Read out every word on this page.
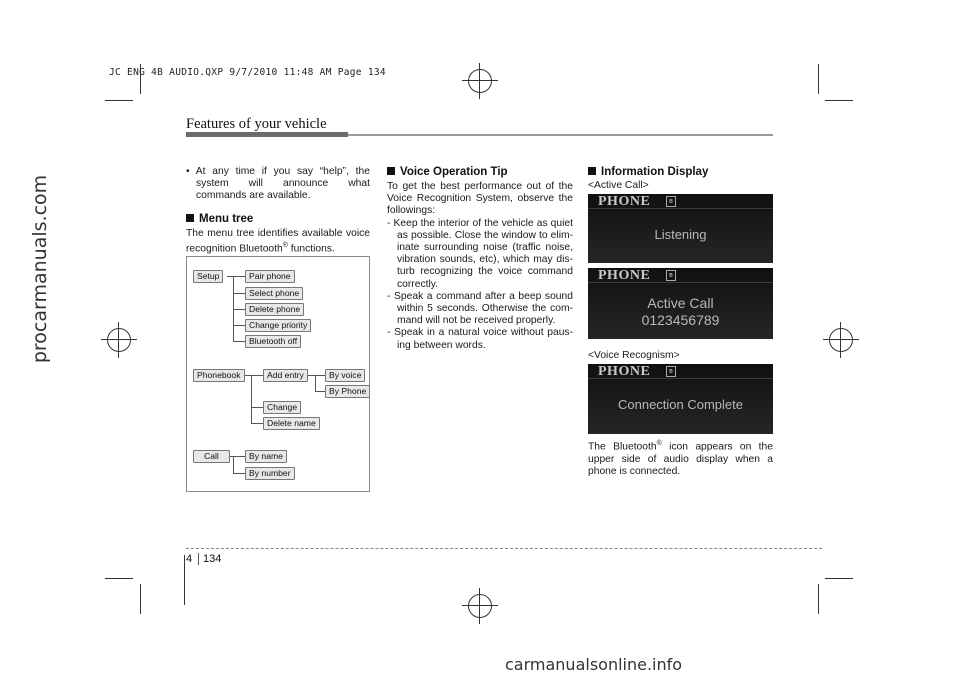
JC ENG 4B AUDIO.QXP 9/7/2010 11:48 AM Page 134
procarmanuals.com
Features of your vehicle

• At any time if you say “help”, the system will announce what commands are available.

Menu tree
The menu tree identifies available voice recognition Bluetooth® functions.
Setup	Pair phone
Select phone
Delete phone
Change priority
Bluetooth off
Phonebook	Add entry	By voice
By Phone
Change
Delete name
Call	By name
By number
Voice Operation Tip

To get the best performance out of the Voice Recognition System, observe the followings:

- Keep the interior of the vehicle as quiet as possible. Close the window to elim- inate surrounding noise (traffic noise, vibration sounds, etc), which may dis- turb recognizing the voice command correctly.

- Speak a command after a beep sound within 5 seconds. Otherwise the com- mand will not be received properly.

- Speak in a natural voice without paus- ing between words.

Information Display
<Active Call>
PHONE	ʙ
Listening
PHONE	ʙ
Active Call
0123456789
<Voice Recognism>
PHONE	ʙ
Connection Complete
The Bluetooth® icon appears on the upper side of audio display when a phone is connected.
4 134
carmanualsonline.info
